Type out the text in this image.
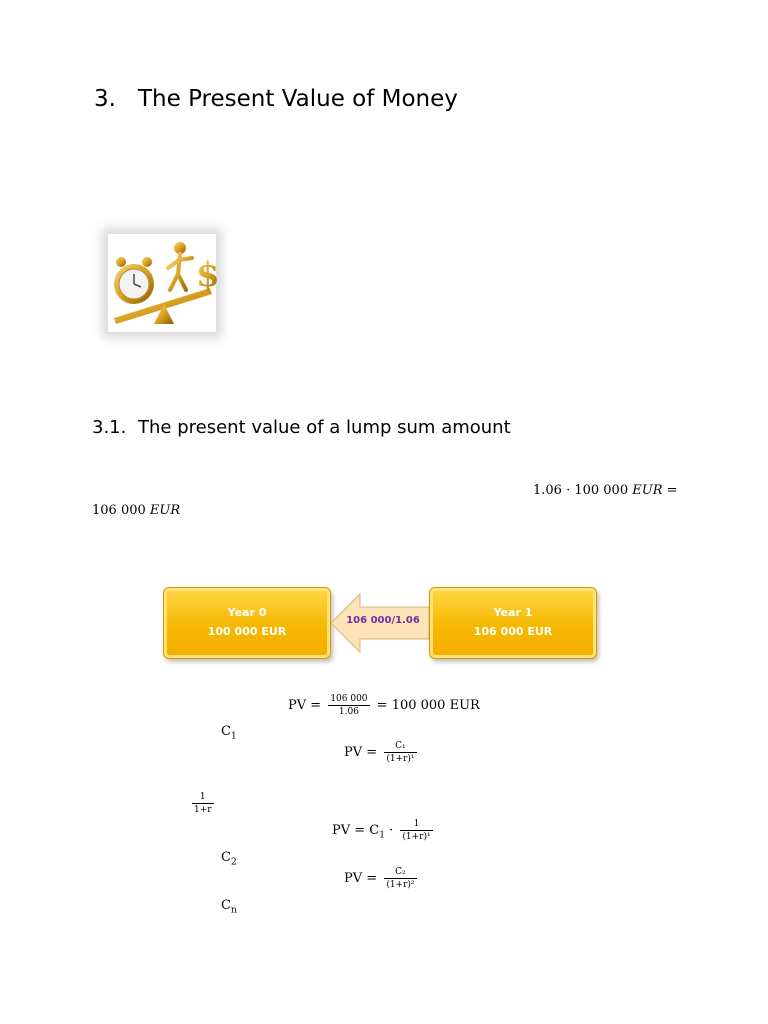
3. The Present Value of Money
$
3.1. The present value of a lump sum amount
1.06 · 100 000 EUR =
106 000 EUR
Year 0
100 000 EUR
106 000/1.06
Year 1
106 000 EUR
PV = $\frac{106 000}{1.06} = 100$ 000 EUR
$C_1$
PV = $\frac{\text{C₁}}{\text{(1+r)¹}}$
$\frac{1}{1+r}$
PV = $C_1 \cdot \frac{1}{\text{(1+r)¹}}$
$C_2$
PV = $\frac{\text{C₂}}{\text{(1+r)²}}$
$C_n$
